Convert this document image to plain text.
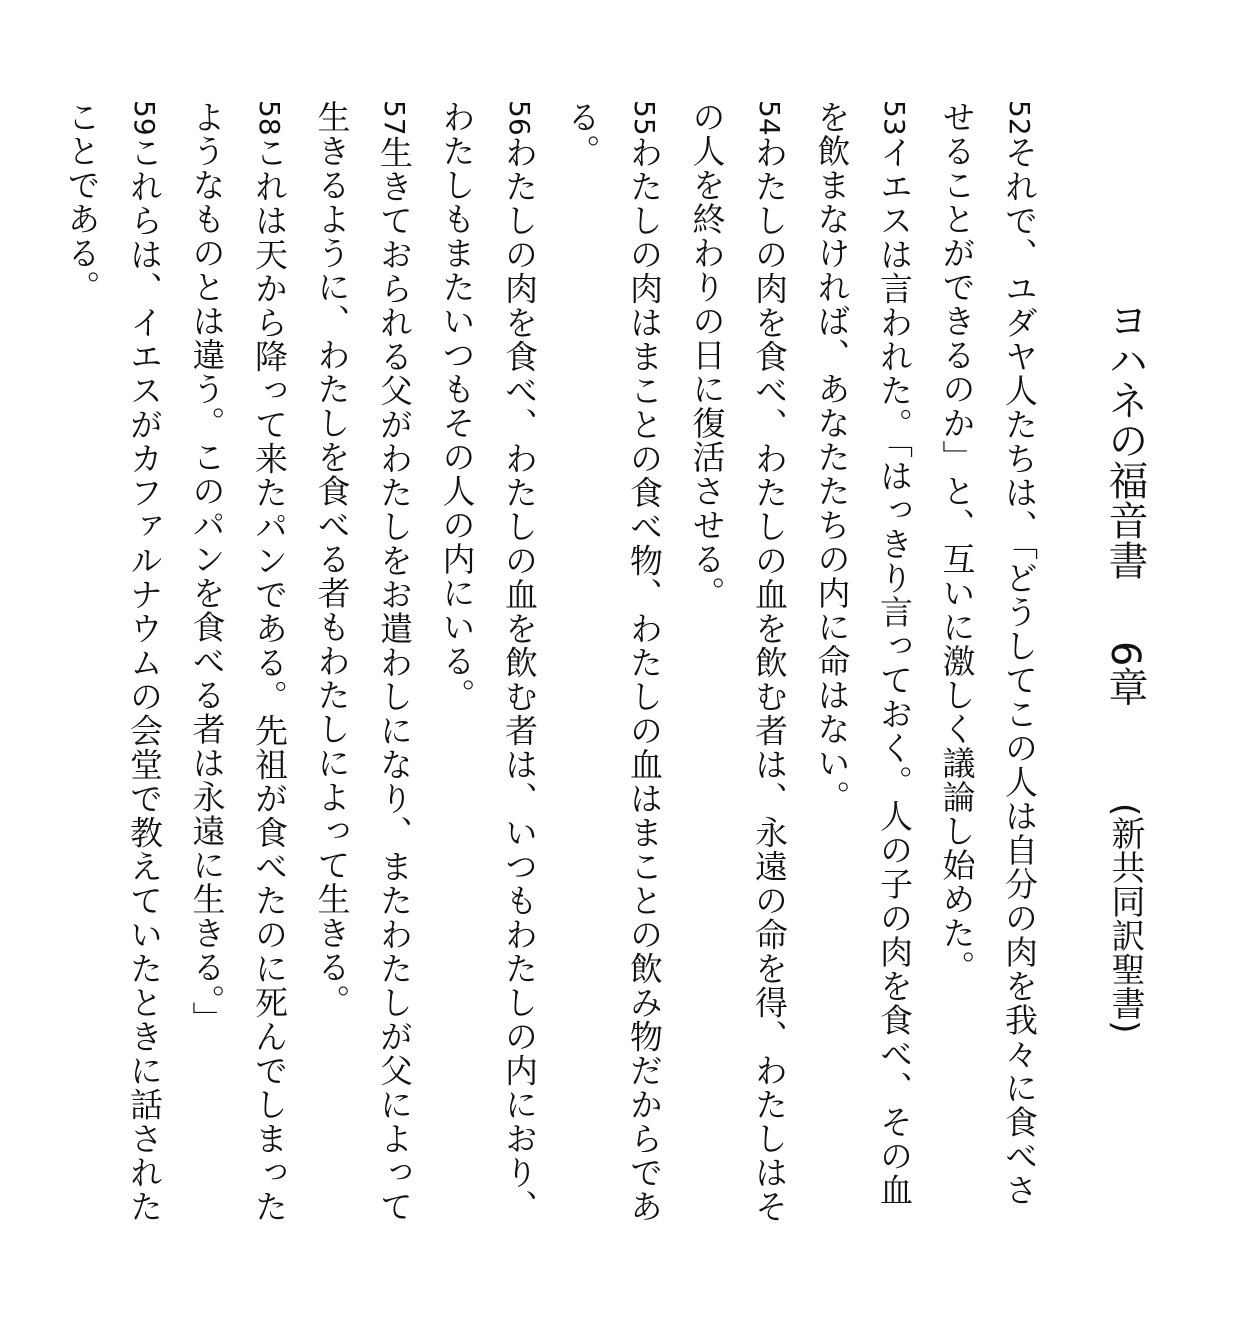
ヨハネの福音書 6章 (新共同訳聖書)

52それで、ユダヤ人たちは、「どうしてこの人は自分の肉を我々に食べさせることができるのか」と、互いに激しく議論し始めた。

53イエスは言われた。「はっきり言っておく。人の子の肉を食べ、その血を飲まなければ、あなたたちの内に命はない。

54わたしの肉を食べ、わたしの血を飲む者は、永遠の命を得、わたしはその人を終わりの日に復活させる。

55わたしの肉はまことの食べ物、わたしの血はまことの飲み物だからである。

56わたしの肉を食べ、わたしの血を飲む者は、いつもわたしの内におり、わたしもまたいつもその人の内にいる。

57生きておられる父がわたしをお遣わしになり、またわたしが父によって生きるように、わたしを食べる者もわたしによって生きる。

58これは天から降って来たパンである。先祖が食べたのに死んでしまったようなものとは違う。このパンを食べる者は永遠に生きる。」

59これらは、イエスがカファルナウムの会堂で教えていたときに話されたことである。
